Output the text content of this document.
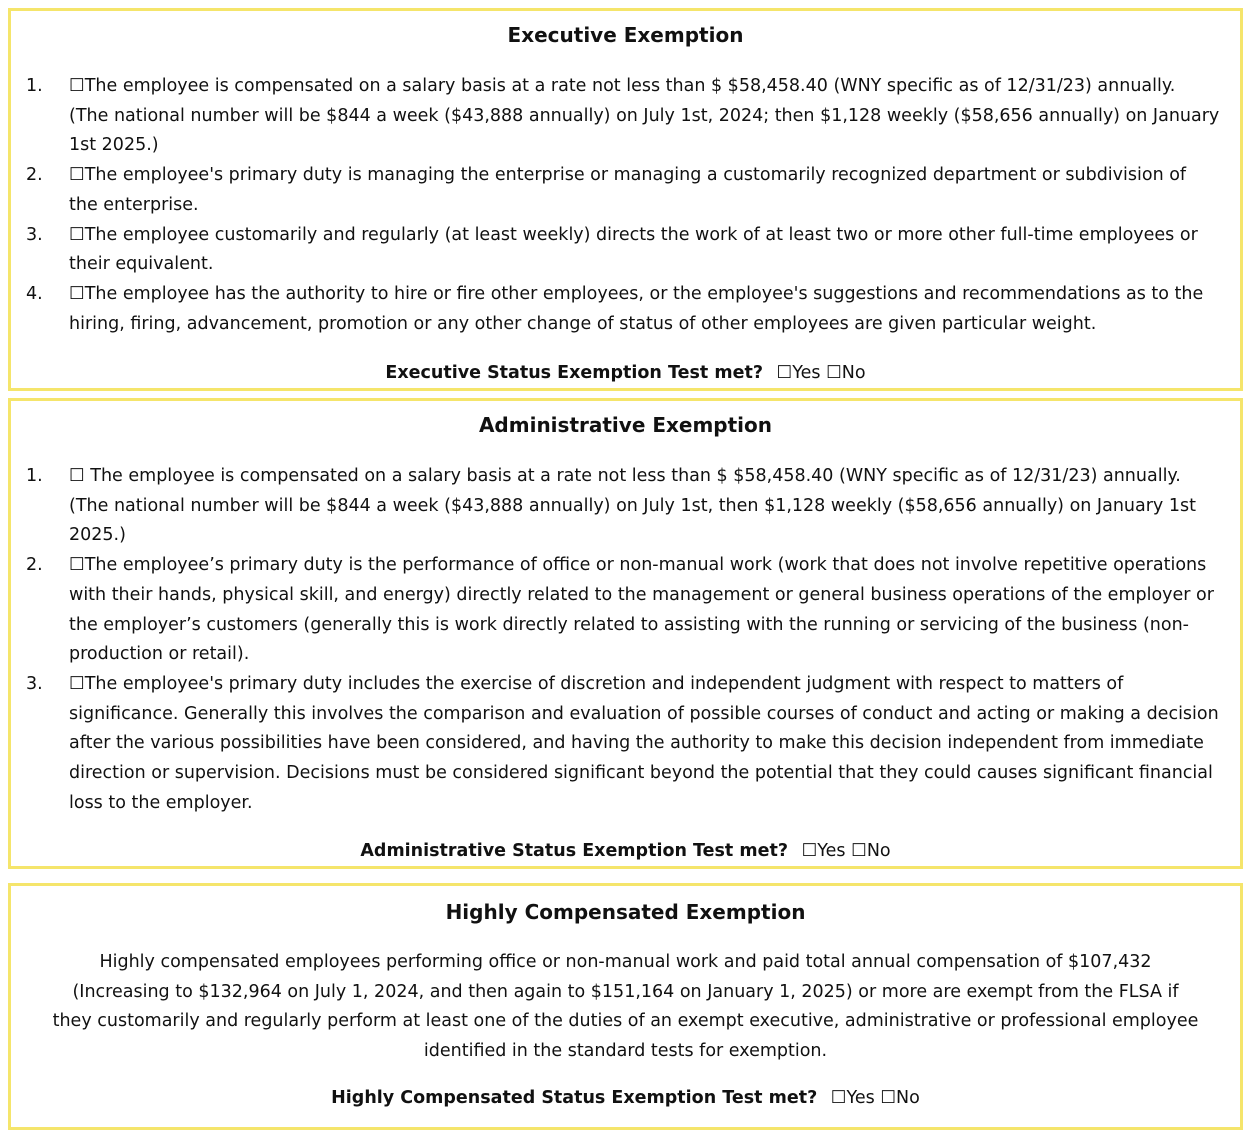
Executive Exemption
1. ☐The employee is compensated on a salary basis at a rate not less than $ $58,458.40 (WNY specific as of 12/31/23) annually. (The national number will be $844 a week ($43,888 annually) on July 1st, 2024; then $1,128 weekly ($58,656 annually) on January 1st 2025.)
2. ☐The employee's primary duty is managing the enterprise or managing a customarily recognized department or subdivision of the enterprise.
3. ☐The employee customarily and regularly (at least weekly) directs the work of at least two or more other full-time employees or their equivalent.
4. ☐The employee has the authority to hire or fire other employees, or the employee's suggestions and recommendations as to the hiring, firing, advancement, promotion or any other change of status of other employees are given particular weight.
Executive Status Exemption Test met? ☐Yes ☐No
Administrative Exemption
1. ☐ The employee is compensated on a salary basis at a rate not less than $ $58,458.40 (WNY specific as of 12/31/23) annually. (The national number will be $844 a week ($43,888 annually) on July 1st, then $1,128 weekly ($58,656 annually) on January 1st 2025.)
2. ☐The employee’s primary duty is the performance of office or non-manual work (work that does not involve repetitive operations with their hands, physical skill, and energy) directly related to the management or general business operations of the employer or the employer’s customers (generally this is work directly related to assisting with the running or servicing of the business (non-production or retail).
3. ☐The employee's primary duty includes the exercise of discretion and independent judgment with respect to matters of significance. Generally this involves the comparison and evaluation of possible courses of conduct and acting or making a decision after the various possibilities have been considered, and having the authority to make this decision independent from immediate direction or supervision. Decisions must be considered significant beyond the potential that they could causes significant financial loss to the employer.
Administrative Status Exemption Test met? ☐Yes ☐No
Highly Compensated Exemption
Highly compensated employees performing office or non-manual work and paid total annual compensation of $107,432 (Increasing to $132,964 on July 1, 2024, and then again to $151,164 on January 1, 2025) or more are exempt from the FLSA if they customarily and regularly perform at least one of the duties of an exempt executive, administrative or professional employee identified in the standard tests for exemption.
Highly Compensated Status Exemption Test met? ☐Yes ☐No
